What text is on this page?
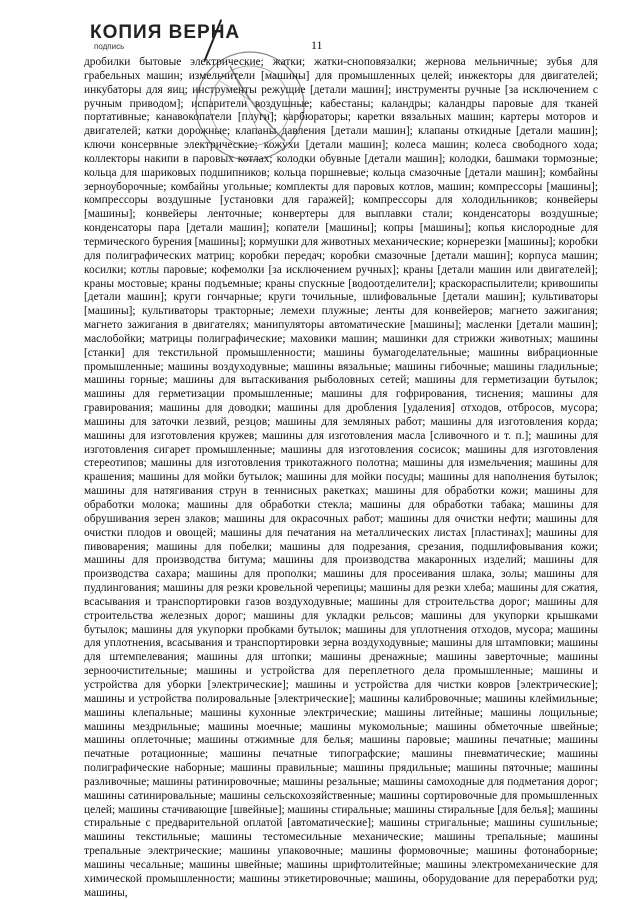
КОПИЯ ВЕРНА
подпись	11

дробилки бытовые электрические; жатки; жатки-сноповязалки; жернова мельничные; зубья для грабельных машин; измельчители [машины] для промышленных целей; инжекторы для двигателей; инкубаторы для яиц; инструменты режущие [детали машин]; инструменты ручные [за исключением с ручным приводом]; испарители воздушные; кабестаны; каландры; каландры паровые для тканей портативные; канавокопатели [плуги]; карбюраторы; каретки вязальных машин; картеры моторов и двигателей; катки дорожные; клапаны давления [детали машин]; клапаны откидные [детали машин]; ключи консервные электрические; кожухи [детали машин]; колеса машин; колеса свободного хода; коллекторы накипи в паровых котлах; колодки обувные [детали машин]; колодки, башмаки тормозные; кольца для шариковых подшипников; кольца поршневые; кольца смазочные [детали машин]; комбайны зерноуборочные; комбайны угольные; комплекты для паровых котлов, машин; компрессоры [машины]; компрессоры воздушные [установки для гаражей]; компрессоры для холодильников; конвейеры [машины]; конвейеры ленточные; конвертеры для выплавки стали; конденсаторы воздушные; конденсаторы пара [детали машин]; копатели [машины]; копры [машины]; копья кислородные для термического бурения [машины]; кормушки для животных механические; корнерезки [машины]; коробки для полиграфических матриц; коробки передач; коробки смазочные [детали машин]; корпуса машин; косилки; котлы паровые; кофемолки [за исключением ручных]; краны [детали машин или двигателей]; краны мостовые; краны подъемные; краны спускные [водоотделители]; краскораспылители; кривошипы [детали машин]; круги гончарные; круги точильные, шлифовальные [детали машин]; культиваторы [машины]; культиваторы тракторные; лемехи плужные; ленты для конвейеров; магнето зажигания; магнето зажигания в двигателях; манипуляторы автоматические [машины]; масленки [детали машин]; маслобойки; матрицы полиграфические; маховики машин; машинки для стрижки животных; машины [станки] для текстильной промышленности; машины бумагоделательные; машины вибрационные промышленные; машины воздуходувные; машины вязальные; машины гибочные; машины гладильные; машины горные; машины для вытаскивания рыболовных сетей; машины для герметизации бутылок; машины для герметизации промышленные; машины для гофрирования, тиснения; машины для гравирования; машины для доводки; машины для дробления [удаления] отходов, отбросов, мусора; машины для заточки лезвий, резцов; машины для земляных работ; машины для изготовления корда; машины для изготовления кружев; машины для изготовления масла [сливочного и т. п.]; машины для изготовления сигарет промышленные; машины для изготовления сосисок; машины для изготовления стереотипов; машины для изготовления трикотажного полотна; машины для измельчения; машины для крашения; машины для мойки бутылок; машины для мойки посуды; машины для наполнения бутылок; машины для натягивания струн в теннисных ракетках; машины для обработки кожи; машины для обработки молока; машины для обработки стекла; машины для обработки табака; машины для обрушивания зерен злаков; машины для окрасочных работ; машины для очистки нефти; машины для очистки плодов и овощей; машины для печатания на металлических листах [пластинах]; машины для пивоварения; машины для побелки; машины для подрезания, срезания, подшлифовывания кожи; машины для производства битума; машины для производства макаронных изделий; машины для производства сахара; машины для прополки; машины для просеивания шлака, золы; машины для пудлингования; машины для резки кровельной черепицы; машины для резки хлеба; машины для сжатия, всасывания и транспортировки газов воздуходувные; машины для строительства дорог; машины для строительства железных дорог; машины для укладки рельсов; машины для укупорки крышками бутылок; машины для укупорки пробками бутылок; машины для уплотнения отходов, мусора; машины для уплотнения, всасывания и транспортировки зерна воздуходувные; машины для штамповки; машины для штемпелевания; машины для штопки; машины дренажные; машины заверточные; машины зерноочистительные; машины и устройства для переплетного дела промышленные; машины и устройства для уборки [электрические]; машины и устройства для чистки ковров [электрические]; машины и устройства полировальные [электрические]; машины калибровочные; машины клеймильные; машины клепальные; машины кухонные электрические; машины литейные; машины лощильные; машины мездрильные; машины моечные; машины мукомольные; машины обметочные швейные; машины оплеточные; машины отжимные для белья; машины паровые; машины печатные; машины печатные ротационные; машины печатные типографские; машины пневматические; машины полиграфические наборные; машины правильные; машины прядильные; машины пяточные; машины разливочные; машины ратинировочные; машины резальные; машины самоходные для подметания дорог; машины сатинировальные; машины сельскохозяйственные; машины сортировочные для промышленных целей; машины стачивающие [швейные]; машины стиральные; машины стиральные [для белья]; машины стиральные с предварительной оплатой [автоматические]; машины стригальные; машины сушильные; машины текстильные; машины тестомесильные механические; машины трепальные; машины трепальные электрические; машины упаковочные; машины формовочные; машины фотонаборные; машины чесальные; машины швейные; машины шрифтолитейные; машины электромеханические для химической промышленности; машины этикетировочные; машины, оборудование для переработки руд; машины,
